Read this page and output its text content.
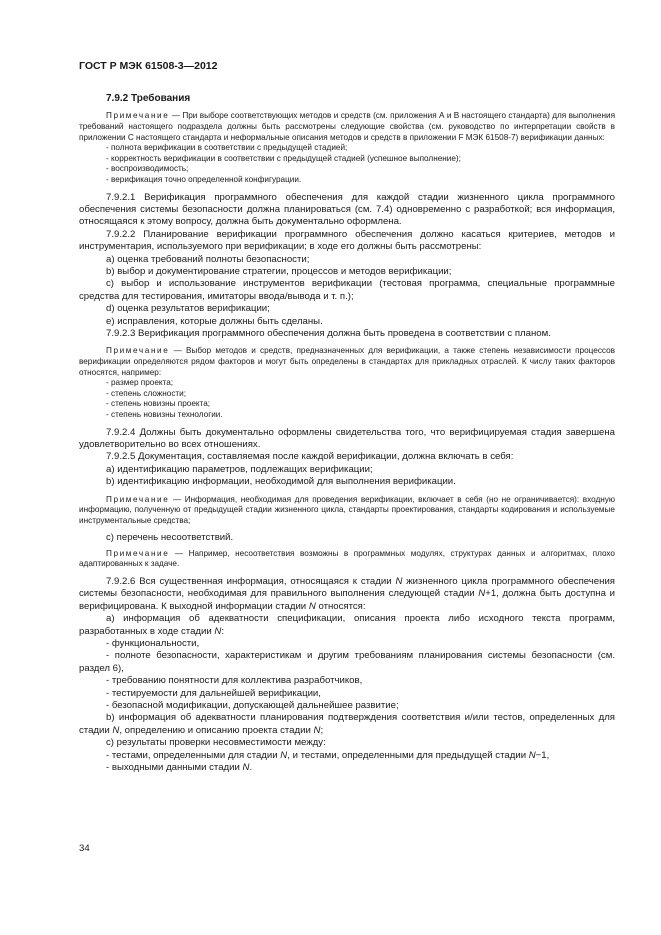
ГОСТ Р МЭК 61508-3—2012

7.9.2 Требования

Примечание — При выборе соответствующих методов и средств (см. приложения А и В настоящего стандарта) для выполнения требований настоящего подраздела должны быть рассмотрены следующие свойства (см. руководство по интерпретации свойств в приложении С настоящего стандарта и неформальные описания методов и средств в приложении F МЭК 61508-7) верификации данных:

- полнота верификации в соответствии с предыдущей стадией;

- корректность верификации в соответствии с предыдущей стадией (успешное выполнение);

- воспроизводимость;

- верификация точно определенной конфигурации.

7.9.2.1 Верификация программного обеспечения для каждой стадии жизненного цикла программного обеспечения системы безопасности должна планироваться (см. 7.4) одновременно с разработкой; вся информация, относящаяся к этому вопросу, должна быть документально оформлена.

7.9.2.2 Планирование верификации программного обеспечения должно касаться критериев, методов и инструментария, используемого при верификации; в ходе его должны быть рассмотрены:

a) оценка требований полноты безопасности;

b) выбор и документирование стратегии, процессов и методов верификации;

c) выбор и использование инструментов верификации (тестовая программа, специальные программные средства для тестирования, имитаторы ввода/вывода и т. п.);

d) оценка результатов верификации;

e) исправления, которые должны быть сделаны.

7.9.2.3 Верификация программного обеспечения должна быть проведена в соответствии с планом.

Примечание — Выбор методов и средств, предназначенных для верификации, а также степень независимости процессов верификации определяются рядом факторов и могут быть определены в стандартах для прикладных отраслей. К числу таких факторов относятся, например:

- размер проекта;

- степень сложности;

- степень новизны проекта;

- степень новизны технологии.

7.9.2.4 Должны быть документально оформлены свидетельства того, что верифицируемая стадия завершена удовлетворительно во всех отношениях.

7.9.2.5 Документация, составляемая после каждой верификации, должна включать в себя:

a) идентификацию параметров, подлежащих верификации;

b) идентификацию информации, необходимой для выполнения верификации.

Примечание — Информация, необходимая для проведения верификации, включает в себя (но не ограничивается): входную информацию, полученную от предыдущей стадии жизненного цикла, стандарты проектирования, стандарты кодирования и используемые инструментальные средства;

c) перечень несоответствий.

Примечание — Например, несоответствия возможны в программных модулях, структурах данных и алгоритмах, плохо адаптированных к задаче.

7.9.2.6 Вся существенная информация, относящаяся к стадии N жизненного цикла программного обеспечения системы безопасности, необходимая для правильного выполнения следующей стадии N+1, должна быть доступна и верифицирована. К выходной информации стадии N относятся:

a) информация об адекватности спецификации, описания проекта либо исходного текста программ, разработанных в ходе стадии N:

- функциональности,

- полноте безопасности, характеристикам и другим требованиям планирования системы безопасности (см. раздел 6),

- требованию понятности для коллектива разработчиков,

- тестируемости для дальнейшей верификации,

- безопасной модификации, допускающей дальнейшее развитие;

b) информация об адекватности планирования подтверждения соответствия и/или тестов, определенных для стадии N, определению и описанию проекта стадии N;

c) результаты проверки несовместимости между:

- тестами, определенными для стадии N, и тестами, определенными для предыдущей стадии N−1,

- выходными данными стадии N.

34
